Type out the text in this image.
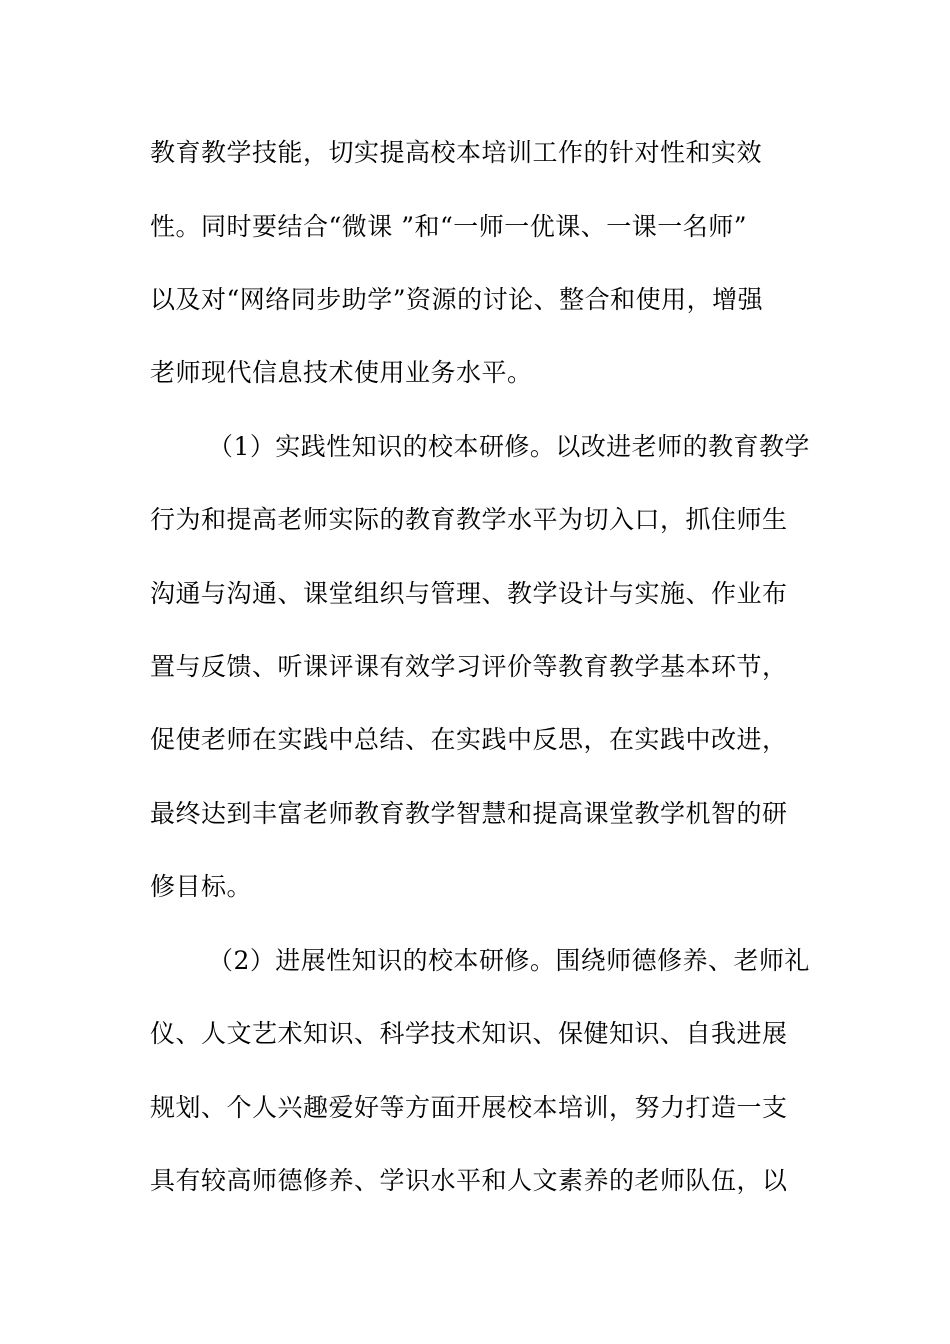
教育教学技能，切实提高校本培训工作的针对性和实效
性。同时要结合“微课 ”和“一师一优课、一课一名师”
以及对“网络同步助学”资源的讨论、整合和使用，增强
老师现代信息技术使用业务水平。
（1）实践性知识的校本研修。以改进老师的教育教学
行为和提高老师实际的教育教学水平为切入口，抓住师生
沟通与沟通、课堂组织与管理、教学设计与实施、作业布
置与反馈、听课评课有效学习评价等教育教学基本环节，
促使老师在实践中总结、在实践中反思，在实践中改进，
最终达到丰富老师教育教学智慧和提高课堂教学机智的研
修目标。
（2）进展性知识的校本研修。围绕师德修养、老师礼
仪、人文艺术知识、科学技术知识、保健知识、自我进展
规划、个人兴趣爱好等方面开展校本培训，努力打造一支
具有较高师德修养、学识水平和人文素养的老师队伍，以
